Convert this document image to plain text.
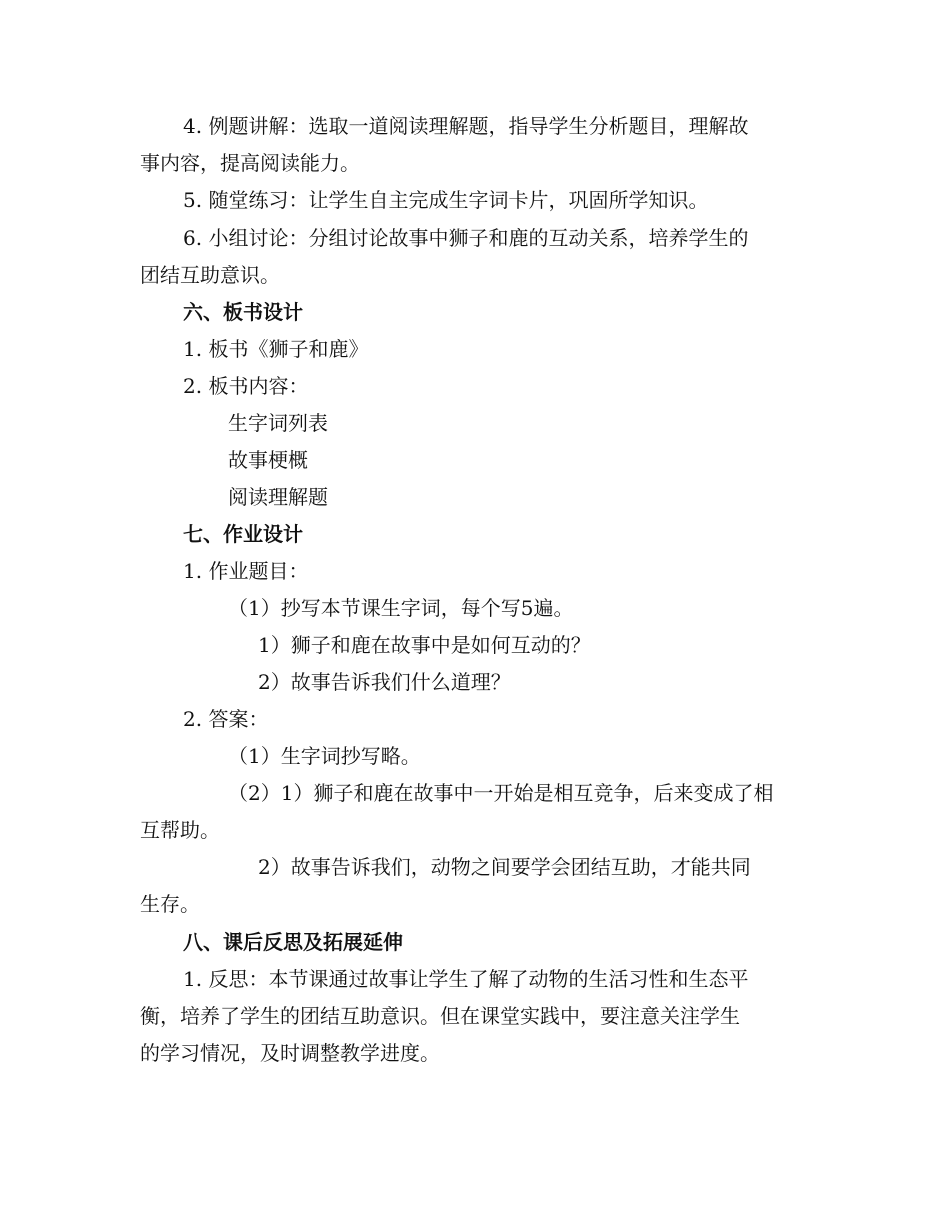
4. 例题讲解：选取一道阅读理解题，指导学生分析题目，理解故
事内容，提高阅读能力。
5. 随堂练习：让学生自主完成生字词卡片，巩固所学知识。
6. 小组讨论：分组讨论故事中狮子和鹿的互动关系，培养学生的
团结互助意识。
六、板书设计
1. 板书《狮子和鹿》
2. 板书内容：
生字词列表
故事梗概
阅读理解题
七、作业设计
1. 作业题目：
（1）抄写本节课生字词，每个写5遍。
1）狮子和鹿在故事中是如何互动的？
2）故事告诉我们什么道理？
2. 答案：
（1）生字词抄写略。
（2）1）狮子和鹿在故事中一开始是相互竞争，后来变成了相
互帮助。
2）故事告诉我们，动物之间要学会团结互助，才能共同
生存。
八、课后反思及拓展延伸
1. 反思：本节课通过故事让学生了解了动物的生活习性和生态平
衡，培养了学生的团结互助意识。但在课堂实践中，要注意关注学生
的学习情况，及时调整教学进度。
